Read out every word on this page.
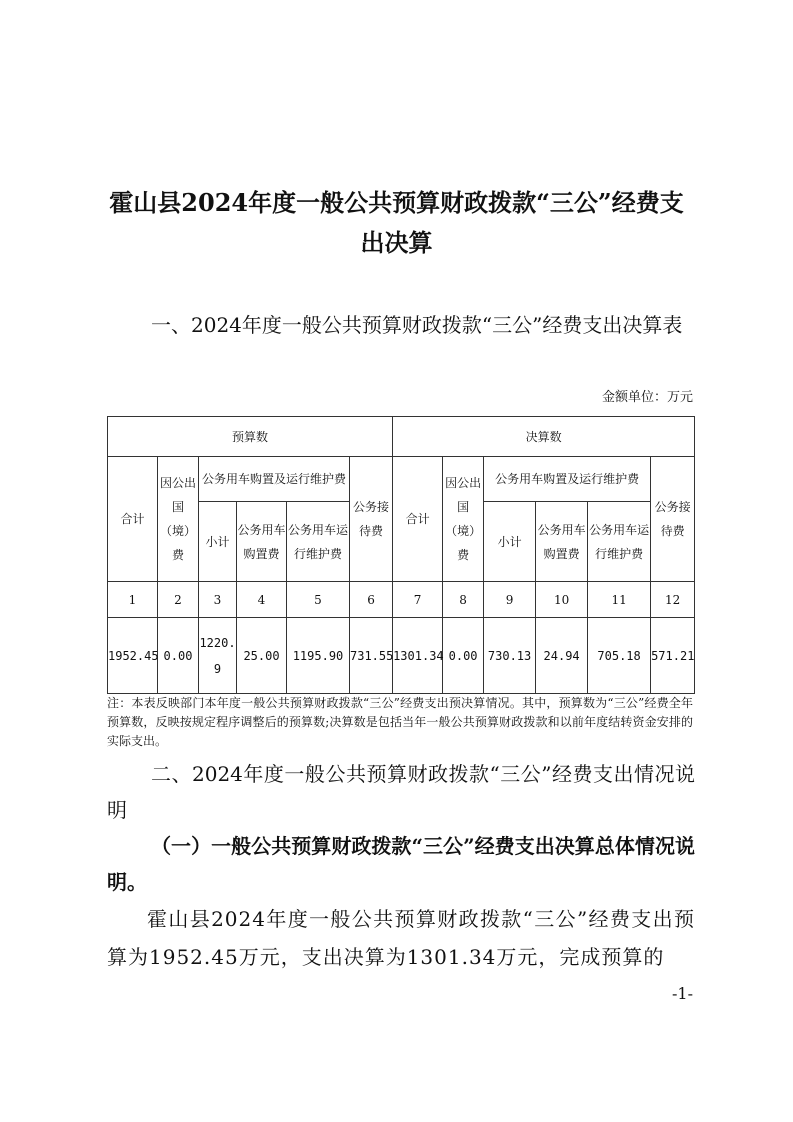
霍山县2024年度一般公共预算财政拨款“三公”经费支出决算
一、2024年度一般公共预算财政拨款“三公”经费支出决算表
金额单位：万元
预算数						决算数					
合计	因公出国（境）费	公务用车购置及运行维护费			公务接待费	合计	因公出国（境）费	公务用车购置及运行维护费			公务接待费
		小计	公务用车购置费	公务用车运行维护费				小计	公务用车购置费	公务用车运行维护费	
1	2	3	4	5	6	7	8	9	10	11	12
1952.45	0.00	1220.9	25.00	1195.90	731.55	1301.34	0.00	730.13	24.94	705.18	571.21
注：本表反映部门本年度一般公共预算财政拨款“三公”经费支出预决算情况。其中，预算数为“三公”经费全年预算数，反映按规定程序调整后的预算数;决算数是包括当年一般公共预算财政拨款和以前年度结转资金安排的实际支出。
二、2024年度一般公共预算财政拨款“三公”经费支出情况说明
（一）一般公共预算财政拨款“三公”经费支出决算总体情况说明。
霍山县2024年度一般公共预算财政拨款“三公”经费支出预算为1952.45万元，支出决算为1301.34万元，完成预算的
-1-
